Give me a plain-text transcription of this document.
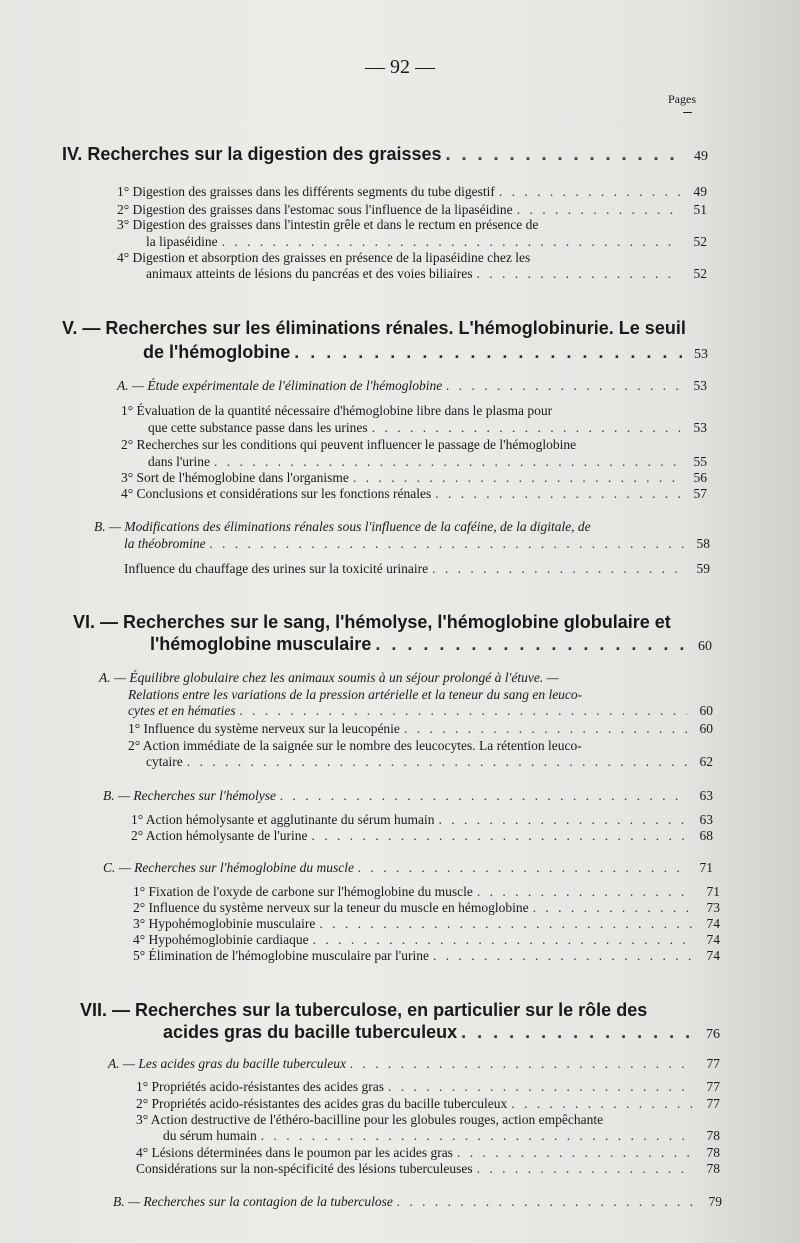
— 92 —
Pages
IV. Recherches sur la digestion des graisses . . .	49
1° Digestion des graisses dans les différents segments du tube digestif . . .	49
2° Digestion des graisses dans l'estomac sous l'influence de la lipaséidine . . .	51
3° Digestion des graisses dans l'intestin grêle et dans le rectum en présence de
la lipaséidine . . .	52
4° Digestion et absorption des graisses en présence de la lipaséidine chez les
animaux atteints de lésions du pancréas et des voies biliaires . . .	52
V. — Recherches sur les éliminations rénales. L'hémoglobinurie. Le seuil
de l'hémoglobine . . .	53
A. — Étude expérimentale de l'élimination de l'hémoglobine . . .	53
1° Évaluation de la quantité nécessaire d'hémoglobine libre dans le plasma pour
que cette substance passe dans les urines . . .	53
2° Recherches sur les conditions qui peuvent influencer le passage de l'hémoglobine
dans l'urine . . .	55
3° Sort de l'hémoglobine dans l'organisme . . .	56
4° Conclusions et considérations sur les fonctions rénales . . .	57
B. — Modifications des éliminations rénales sous l'influence de la caféine, de la digitale, de
la théobromine . . .	58
Influence du chauffage des urines sur la toxicité urinaire . . .	59
VI. — Recherches sur le sang, l'hémolyse, l'hémoglobine globulaire et
l'hémoglobine musculaire . . .	60
A. — Équilibre globulaire chez les animaux soumis à un séjour prolongé à l'étuve. —
Relations entre les variations de la pression artérielle et la teneur du sang en leuco-
cytes et en hématies . . .	60
1° Influence du système nerveux sur la leucopénie . . .	60
2° Action immédiate de la saignée sur le nombre des leucocytes. La rétention leuco-
cytaire . . .	62
B. — Recherches sur l'hémolyse . . .	63
1° Action hémolysante et agglutinante du sérum humain . . .	63
2° Action hémolysante de l'urine . . .	68
C. — Recherches sur l'hémoglobine du muscle . . .	71
1° Fixation de l'oxyde de carbone sur l'hémoglobine du muscle . . .	71
2° Influence du système nerveux sur la teneur du muscle en hémoglobine . . .	73
3° Hypohémoglobinie musculaire . . .	74
4° Hypohémoglobinie cardiaque . . .	74
5° Élimination de l'hémoglobine musculaire par l'urine . . .	74
VII. — Recherches sur la tuberculose, en particulier sur le rôle des
acides gras du bacille tuberculeux . . .	76
A. — Les acides gras du bacille tuberculeux . . .	77
1° Propriétés acido-résistantes des acides gras . . .	77
2° Propriétés acido-résistantes des acides gras du bacille tuberculeux . . .	77
3° Action destructive de l'éthéro-bacilline pour les globules rouges, action empêchante
du sérum humain . . .	78
4° Lésions déterminées dans le poumon par les acides gras . . .	78
Considérations sur la non-spécificité des lésions tuberculeuses . . .	78
B. — Recherches sur la contagion de la tuberculose . . .	79
